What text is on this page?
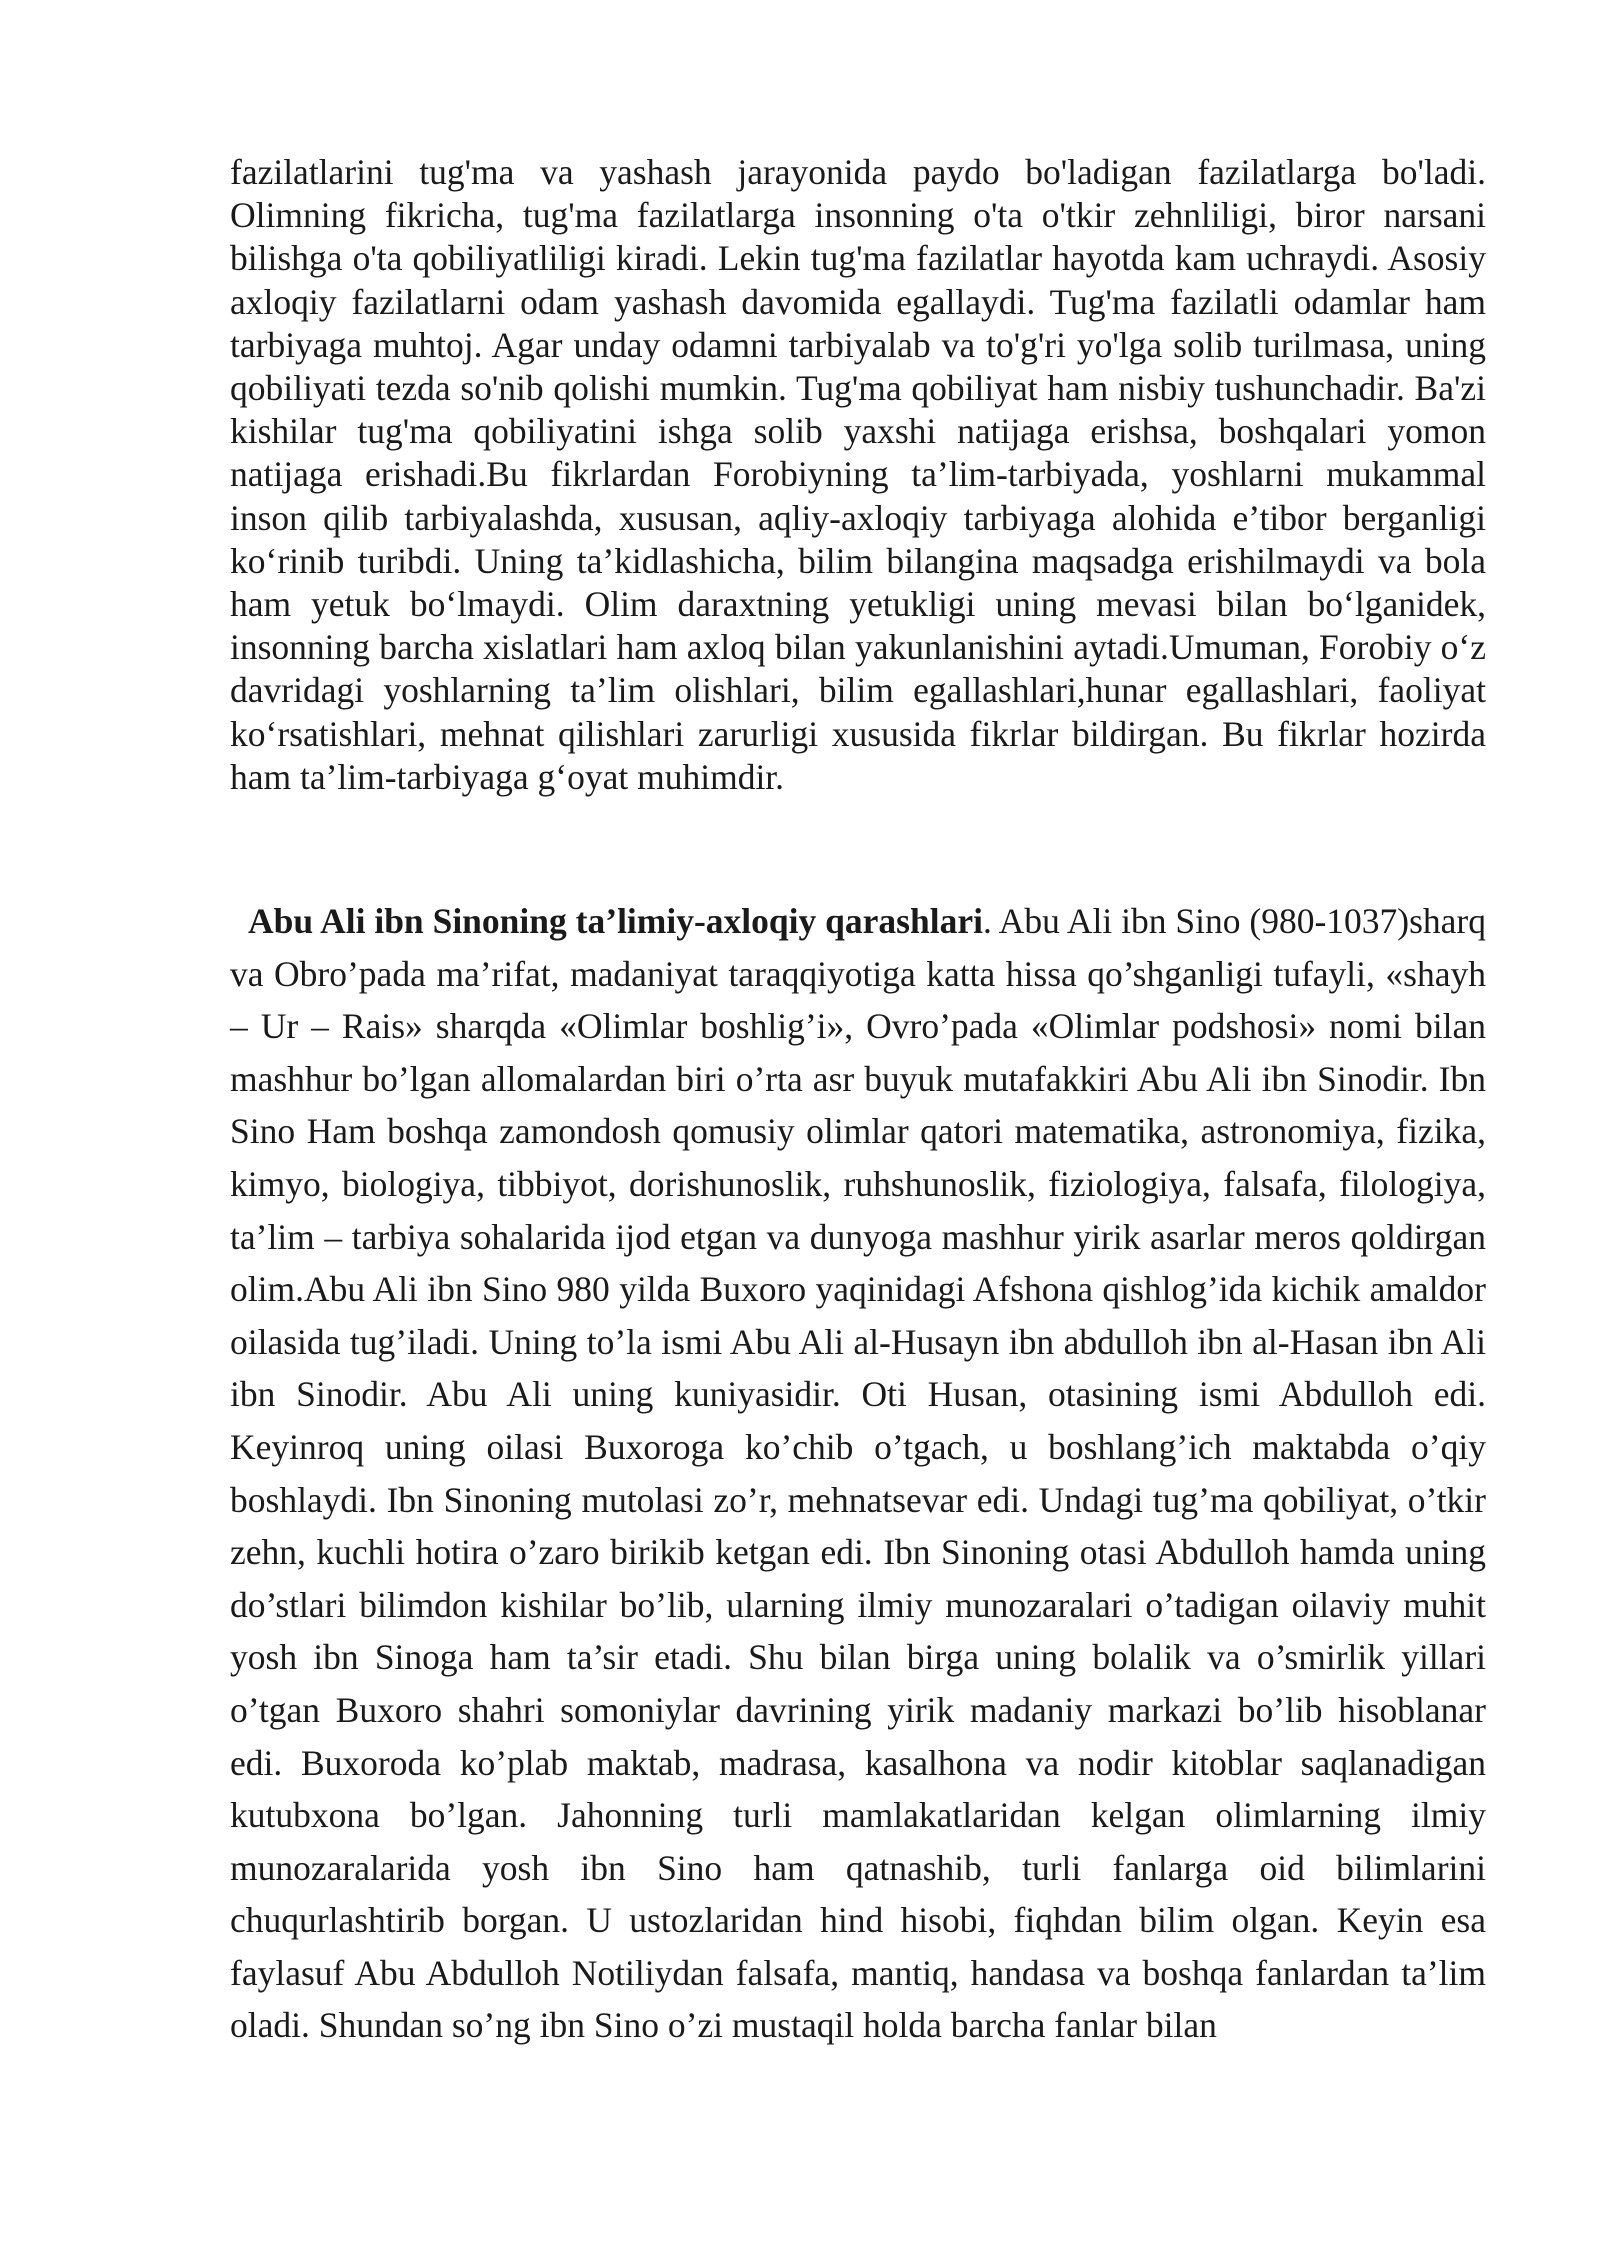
fazilatlarini tug'ma va yashash jarayonida paydo bo'ladigan fazilatlarga bo'ladi. Olimning fikricha, tug'ma fazilatlarga insonning o'ta o'tkir zehnliligi, biror narsani bilishga o'ta qobiliyatliligi kiradi. Lekin tug'ma fazilatlar hayotda kam uchraydi. Asosiy axloqiy fazilatlarni odam yashash davomida egallaydi. Tug'ma fazilatli odamlar ham tarbiyaga muhtoj. Agar unday odamni tarbiyalab va to'g'ri yo'lga solib turilmasa, uning qobiliyati tezda so'nib qolishi mumkin. Tug'ma qobiliyat ham nisbiy tushunchadir. Ba'zi kishilar tug'ma qobiliyatini ishga solib yaxshi natijaga erishsa, boshqalari yomon natijaga erishadi.Bu fikrlardan Forobiyning ta’lim-tarbiyada, yoshlarni mukammal inson qilib tarbiyalashda, xususan, aqliy-axloqiy tarbiyaga alohida e’tibor berganligi ko‘rinib turibdi. Uning ta’kidlashicha, bilim bilangina maqsadga erishilmaydi va bola ham yetuk bo‘lmaydi. Olim daraxtning yetukligi uning mevasi bilan bo‘lganidek, insonning barcha xislatlari ham axloq bilan yakunlanishini aytadi.Umuman, Forobiy o‘z davridagi yoshlarning ta’lim olishlari, bilim egallashlari,hunar egallashlari, faoliyat ko‘rsatishlari, mehnat qilishlari zarurligi xususida fikrlar bildirgan. Bu fikrlar hozirda ham ta’lim-tarbiyaga g‘oyat muhimdir.

Abu Ali ibn Sinoning ta’limiy-axloqiy qarashlari. Abu Ali ibn Sino (980-1037)sharq va Obro’pada ma’rifat, madaniyat taraqqiyotiga katta hissa qo’shganligi tufayli, «shayh – Ur – Rais» sharqda «Olimlar boshlig’i», Ovro’pada «Olimlar podshosi» nomi bilan mashhur bo’lgan allomalardan biri o’rta asr buyuk mutafakkiri Abu Ali ibn Sinodir. Ibn Sino Ham boshqa zamondosh qomusiy olimlar qatori matematika, astronomiya, fizika, kimyo, biologiya, tibbiyot, dorishunoslik, ruhshunoslik, fiziologiya, falsafa, filologiya, ta’lim – tarbiya sohalarida ijod etgan va dunyoga mashhur yirik asarlar meros qoldirgan olim.Abu Ali ibn Sino 980 yilda Buxoro yaqinidagi Afshona qishlog’ida kichik amaldor oilasida tug’iladi. Uning to’la ismi Abu Ali al-Husayn ibn abdulloh ibn al-Hasan ibn Ali ibn Sinodir. Abu Ali uning kuniyasidir. Oti Husan, otasining ismi Abdulloh edi. Keyinroq uning oilasi Buxoroga ko’chib o’tgach, u boshlang’ich maktabda o’qiy boshlaydi. Ibn Sinoning mutolasi zo’r, mehnatsevar edi. Undagi tug’ma qobiliyat, o’tkir zehn, kuchli hotira o’zaro birikib ketgan edi. Ibn Sinoning otasi Abdulloh hamda uning do’stlari bilimdon kishilar bo’lib, ularning ilmiy munozaralari o’tadigan oilaviy muhit yosh ibn Sinoga ham ta’sir etadi. Shu bilan birga uning bolalik va o’smirlik yillari o’tgan Buxoro shahri somoniylar davrining yirik madaniy markazi bo’lib hisoblanar edi. Buxoroda ko’plab maktab, madrasa, kasalhona va nodir kitoblar saqlanadigan kutubxona bo’lgan. Jahonning turli mamlakatlaridan kelgan olimlarning ilmiy munozaralarida yosh ibn Sino ham qatnashib, turli fanlarga oid bilimlarini chuqurlashtirib borgan. U ustozlaridan hind hisobi, fiqhdan bilim olgan. Keyin esa faylasuf Abu Abdulloh Notiliydan falsafa, mantiq, handasa va boshqa fanlardan ta’lim oladi. Shundan so’ng ibn Sino o’zi mustaqil holda barcha fanlar bilan
